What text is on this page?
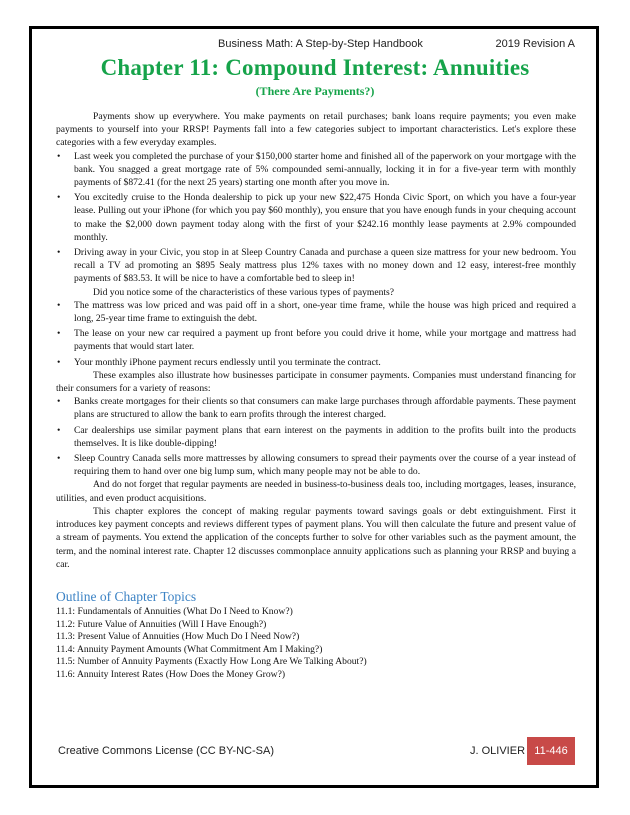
Business Math: A Step-by-Step Handbook	2019 Revision A
Chapter 11: Compound Interest: Annuities
(There Are Payments?)

Payments show up everywhere. You make payments on retail purchases; bank loans require payments; you even make payments to yourself into your RRSP! Payments fall into a few categories subject to important characteristics. Let's explore these categories with a few everyday examples.

• Last week you completed the purchase of your $150,000 starter home and finished all of the paperwork on your mortgage with the bank. You snagged a great mortgage rate of 5% compounded semi-annually, locking it in for a five-year term with monthly payments of $872.41 (for the next 25 years) starting one month after you move in.
• You excitedly cruise to the Honda dealership to pick up your new $22,475 Honda Civic Sport, on which you have a four-year lease. Pulling out your iPhone (for which you pay $60 monthly), you ensure that you have enough funds in your chequing account to make the $2,000 down payment today along with the first of your $242.16 monthly lease payments at 2.9% compounded monthly.
• Driving away in your Civic, you stop in at Sleep Country Canada and purchase a queen size mattress for your new bedroom. You recall a TV ad promoting an $895 Sealy mattress plus 12% taxes with no money down and 12 easy, interest-free monthly payments of $83.53. It will be nice to have a comfortable bed to sleep in!

Did you notice some of the characteristics of these various types of payments?

• The mattress was low priced and was paid off in a short, one-year time frame, while the house was high priced and required a long, 25-year time frame to extinguish the debt.
• The lease on your new car required a payment up front before you could drive it home, while your mortgage and mattress had payments that would start later.
• Your monthly iPhone payment recurs endlessly until you terminate the contract.

These examples also illustrate how businesses participate in consumer payments. Companies must understand financing for their consumers for a variety of reasons:

• Banks create mortgages for their clients so that consumers can make large purchases through affordable payments. These payment plans are structured to allow the bank to earn profits through the interest charged.
• Car dealerships use similar payment plans that earn interest on the payments in addition to the profits built into the products themselves. It is like double-dipping!
• Sleep Country Canada sells more mattresses by allowing consumers to spread their payments over the course of a year instead of requiring them to hand over one big lump sum, which many people may not be able to do.

And do not forget that regular payments are needed in business-to-business deals too, including mortgages, leases, insurance, utilities, and even product acquisitions.

This chapter explores the concept of making regular payments toward savings goals or debt extinguishment. First it introduces key payment concepts and reviews different types of payment plans. You will then calculate the future and present value of a stream of payments. You extend the application of the concepts further to solve for other variables such as the payment amount, the term, and the nominal interest rate. Chapter 12 discusses commonplace annuity applications such as planning your RRSP and buying a car.

Outline of Chapter Topics
11.1: Fundamentals of Annuities (What Do I Need to Know?)
11.2: Future Value of Annuities (Will I Have Enough?)
11.3: Present Value of Annuities (How Much Do I Need Now?)
11.4: Annuity Payment Amounts (What Commitment Am I Making?)
11.5: Number of Annuity Payments (Exactly How Long Are We Talking About?)
11.6: Annuity Interest Rates (How Does the Money Grow?)
Creative Commons License (CC BY-NC-SA)	J. OLIVIER 11-446
